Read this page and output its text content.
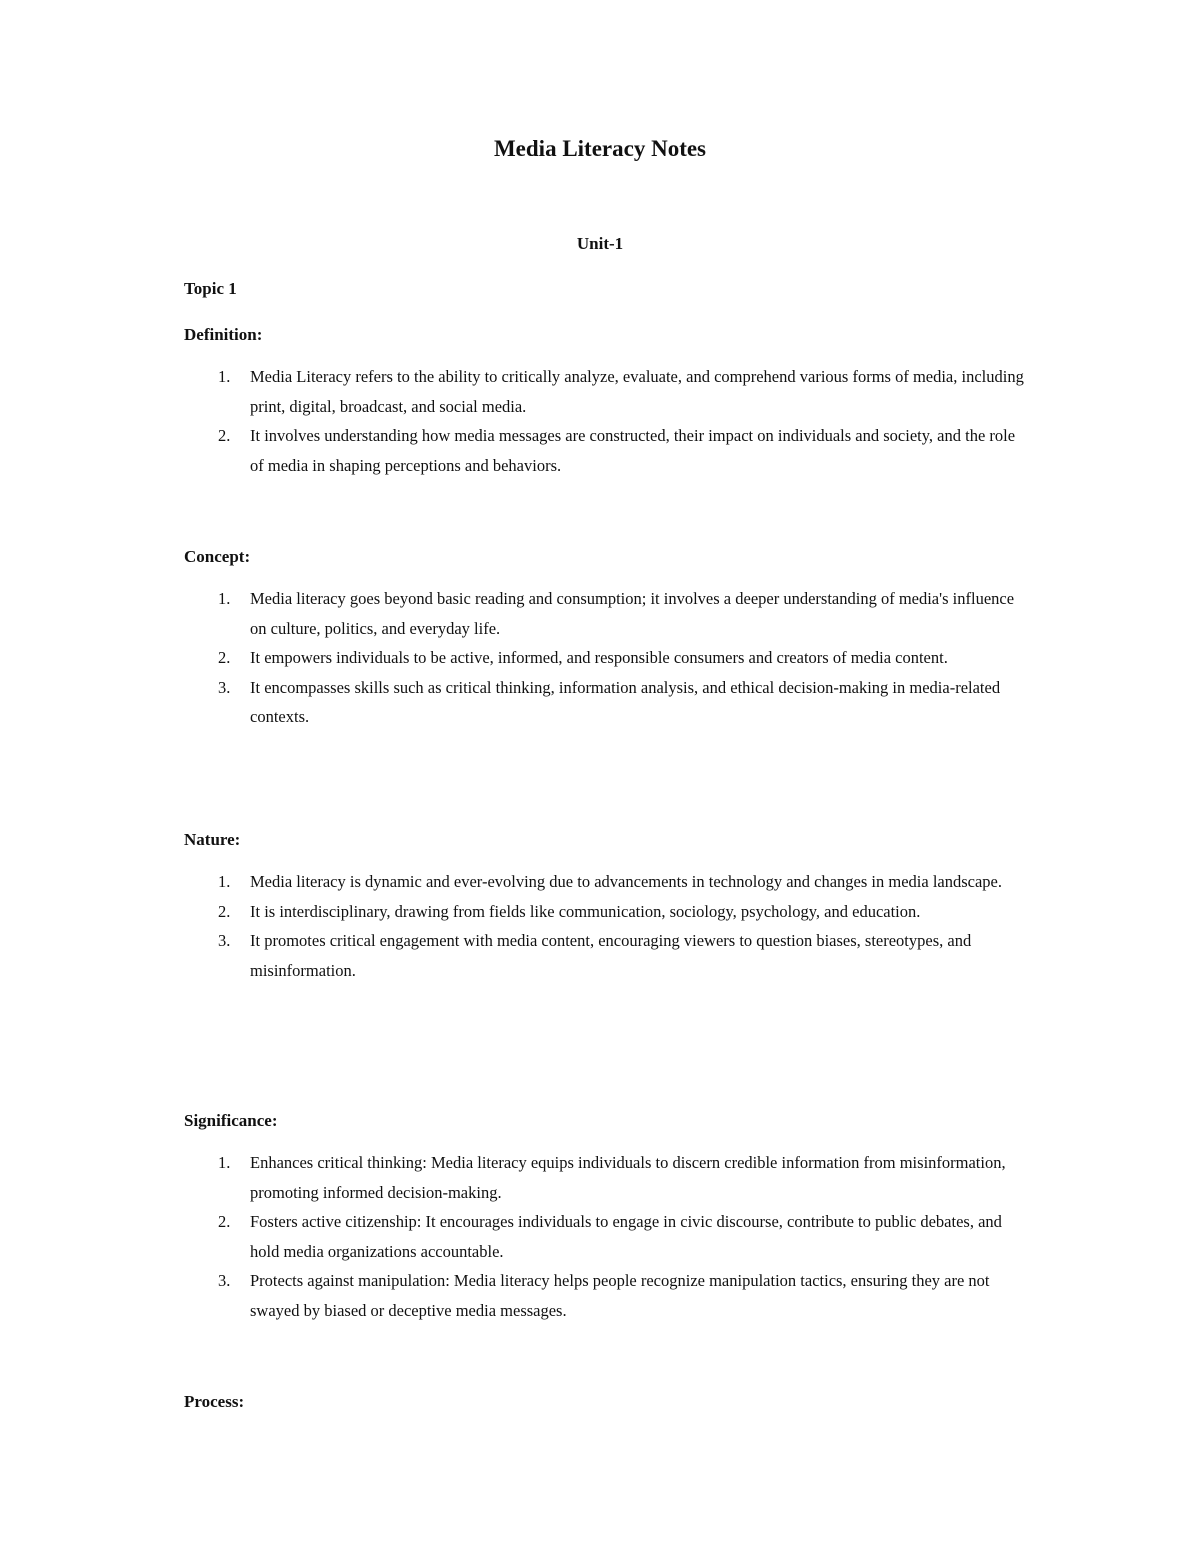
Media Literacy Notes
Unit-1
Topic 1
Definition:
1. Media Literacy refers to the ability to critically analyze, evaluate, and comprehend various forms of media, including print, digital, broadcast, and social media.
2. It involves understanding how media messages are constructed, their impact on individuals and society, and the role of media in shaping perceptions and behaviors.
Concept:
1. Media literacy goes beyond basic reading and consumption; it involves a deeper understanding of media's influence on culture, politics, and everyday life.
2. It empowers individuals to be active, informed, and responsible consumers and creators of media content.
3. It encompasses skills such as critical thinking, information analysis, and ethical decision-making in media-related contexts.
Nature:
1. Media literacy is dynamic and ever-evolving due to advancements in technology and changes in media landscape.
2. It is interdisciplinary, drawing from fields like communication, sociology, psychology, and education.
3. It promotes critical engagement with media content, encouraging viewers to question biases, stereotypes, and misinformation.
Significance:
1. Enhances critical thinking: Media literacy equips individuals to discern credible information from misinformation, promoting informed decision-making.
2. Fosters active citizenship: It encourages individuals to engage in civic discourse, contribute to public debates, and hold media organizations accountable.
3. Protects against manipulation: Media literacy helps people recognize manipulation tactics, ensuring they are not swayed by biased or deceptive media messages.
Process:
